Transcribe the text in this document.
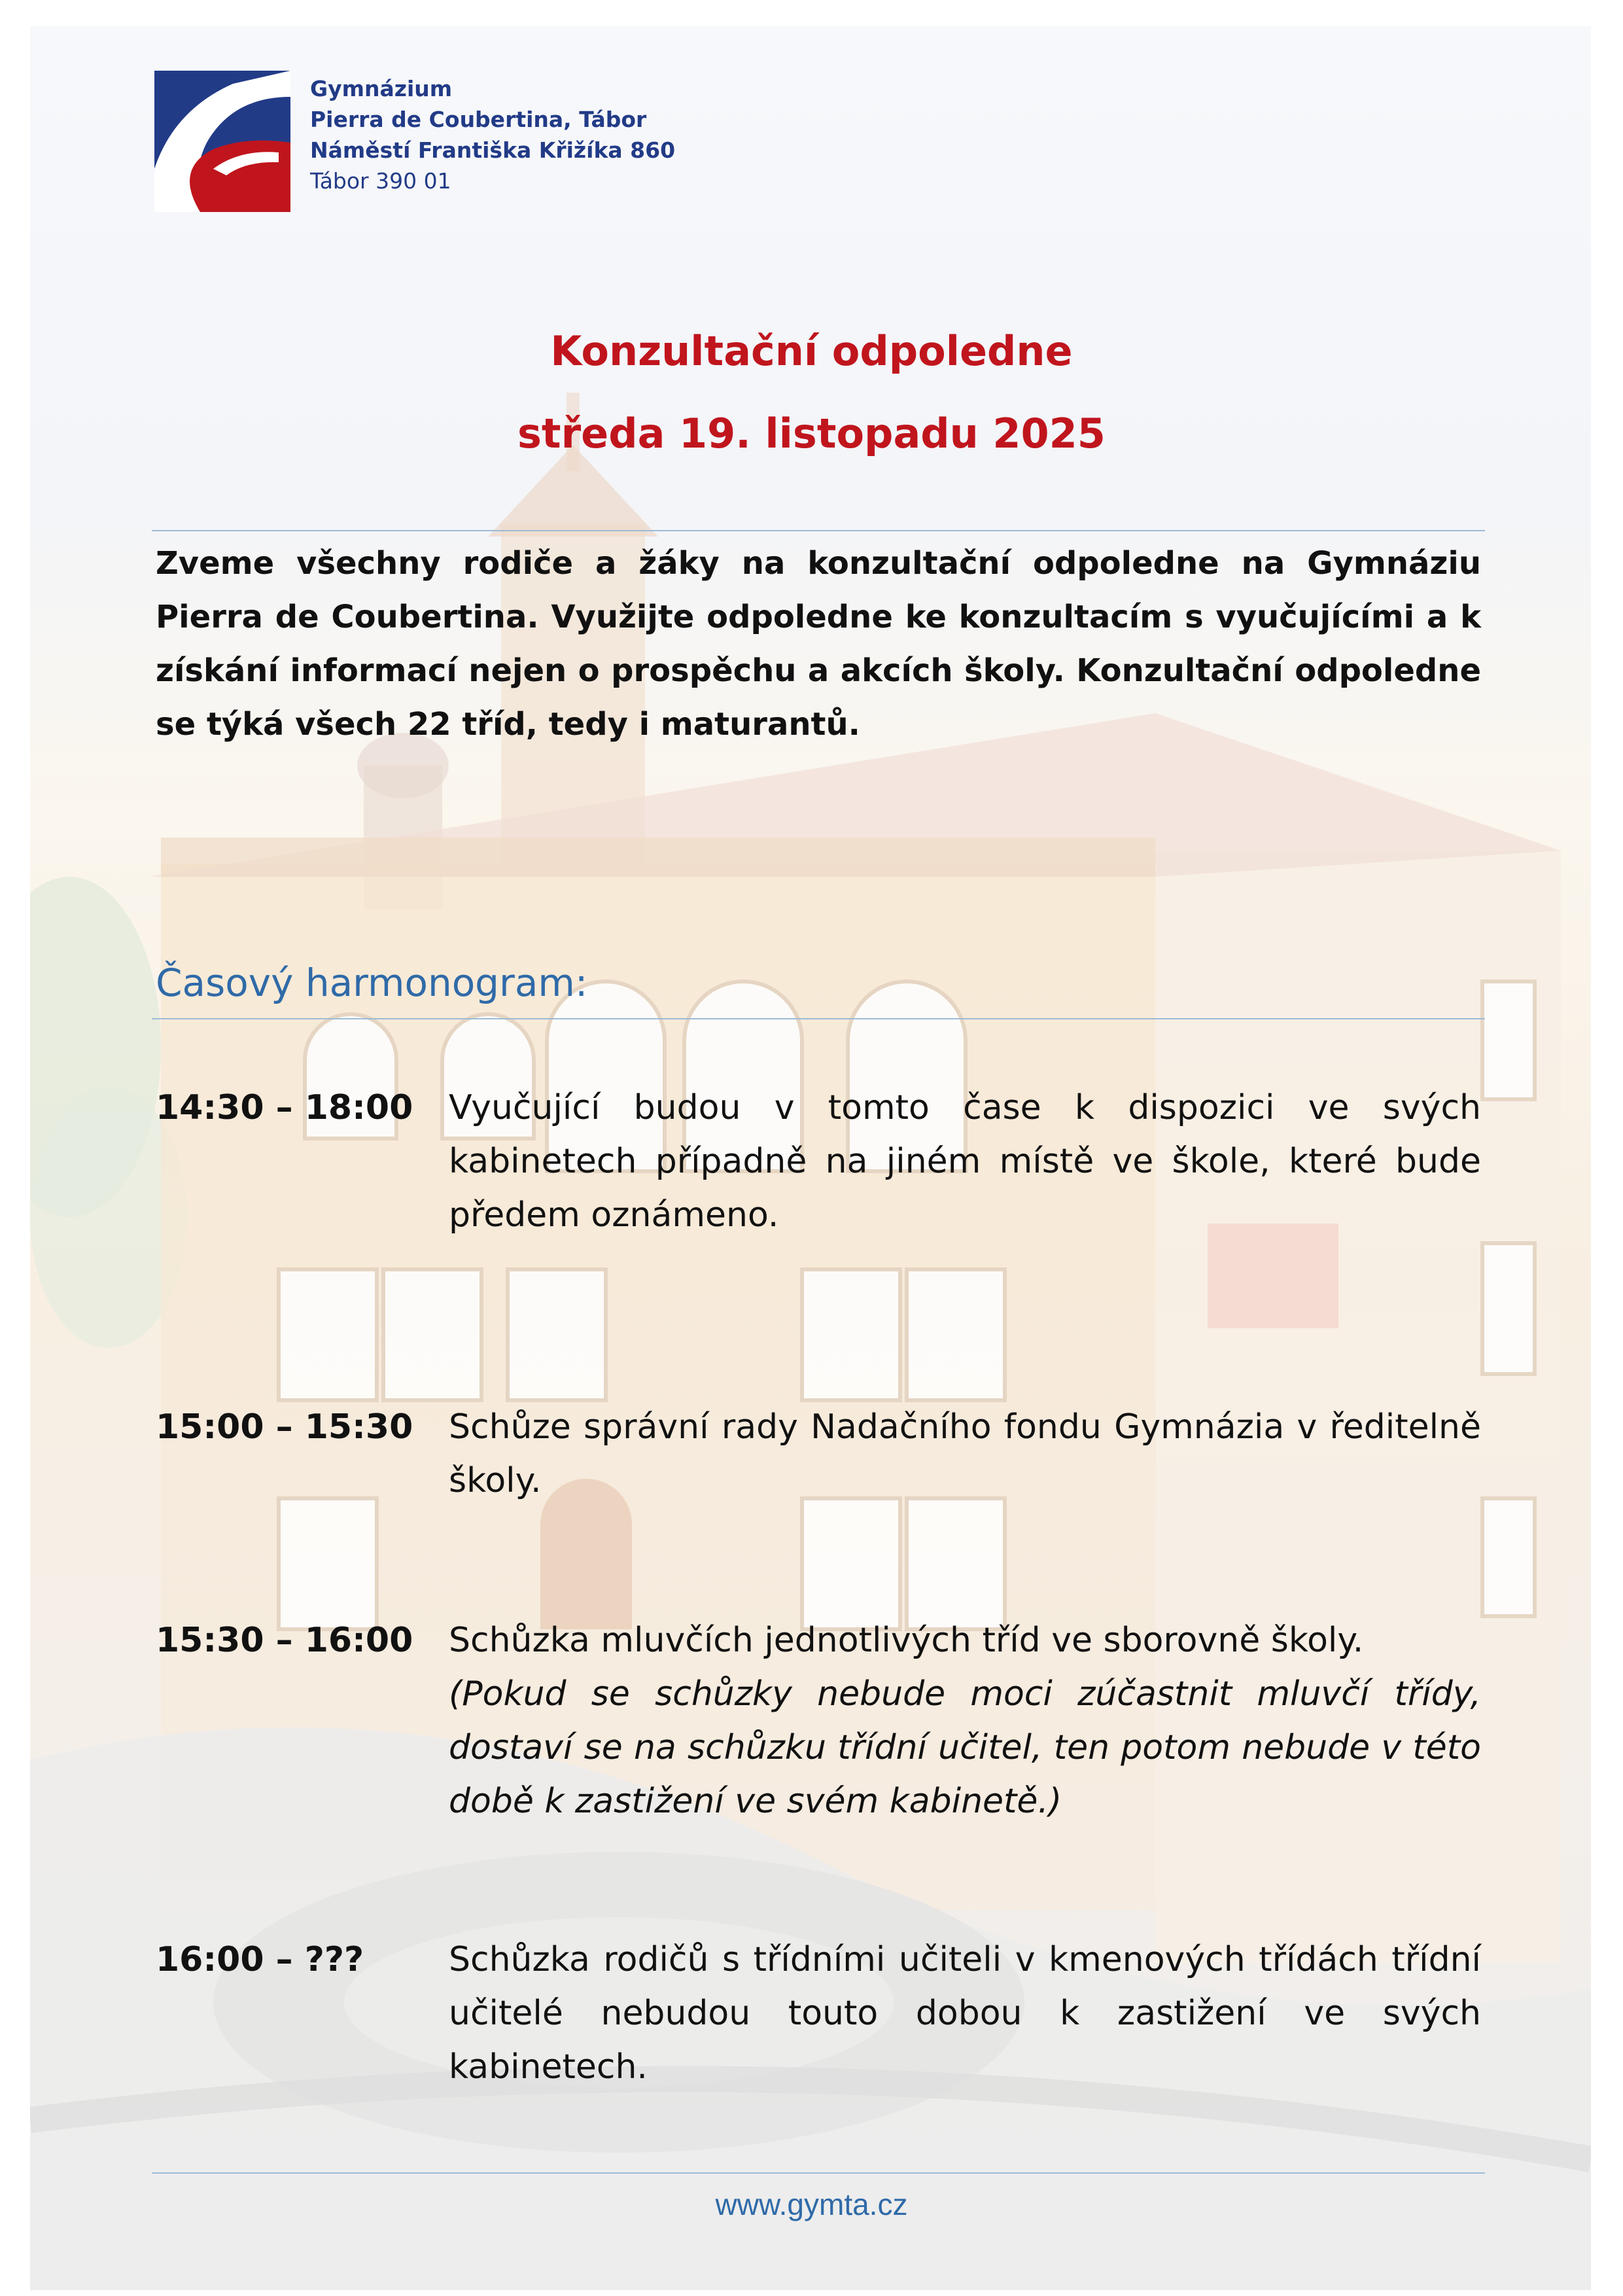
Gymnázium
Pierra de Coubertina, Tábor
Náměstí Františka Křižíka 860
Tábor 390 01
Konzultační odpoledne
středa 19. listopadu 2025
Zveme všechny rodiče a žáky na konzultační odpoledne na Gymnáziu Pierra de Coubertina. Využijte odpoledne ke konzultacím s vyučujícími a k získání informací nejen o prospěchu a akcích školy. Konzultační odpoledne se týká všech 22 tříd, tedy i maturantů.
Časový harmonogram:
14:30 – 18:00 Vyučující budou v tomto čase k dispozici ve svých kabinetech případně na jiném místě ve škole, které bude předem oznámeno.
15:00 – 15:30 Schůze správní rady Nadačního fondu Gymnázia v ředitelně školy.
15:30 – 16:00 Schůzka mluvčích jednotlivých tříd ve sborovně školy.
(Pokud se schůzky nebude moci zúčastnit mluvčí třídy, dostaví se na schůzku třídní učitel, ten potom nebude v této době k zastižení ve svém kabinetě.)
16:00 – ??? Schůzka rodičů s třídními učiteli v kmenových třídách třídní učitelé nebudou touto dobou k zastižení ve svých kabinetech.
www.gymta.cz
